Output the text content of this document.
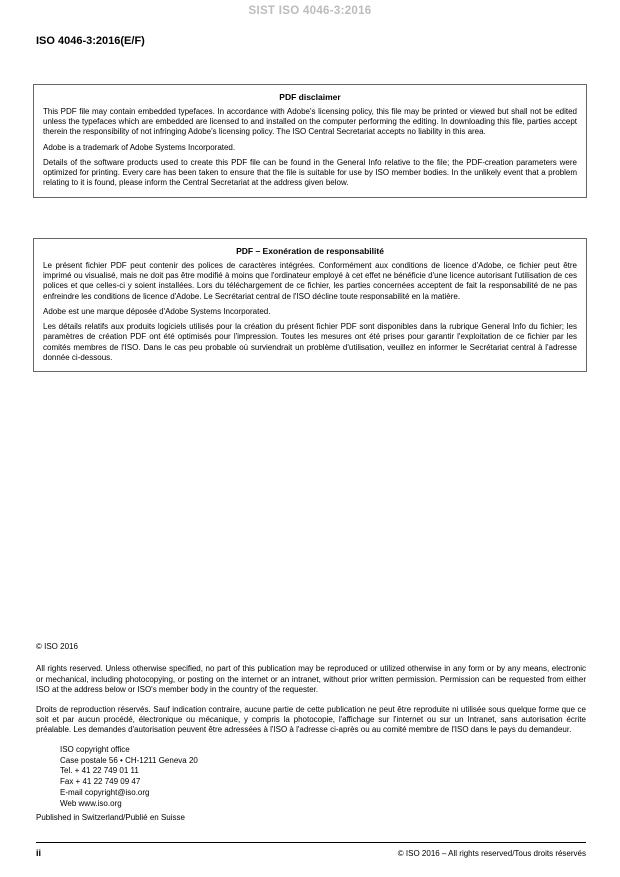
SIST ISO 4046-3:2016
ISO 4046-3:2016(E/F)
PDF disclaimer

This PDF file may contain embedded typefaces. In accordance with Adobe's licensing policy, this file may be printed or viewed but shall not be edited unless the typefaces which are embedded are licensed to and installed on the computer performing the editing. In downloading this file, parties accept therein the responsibility of not infringing Adobe's licensing policy. The ISO Central Secretariat accepts no liability in this area.

Adobe is a trademark of Adobe Systems Incorporated.

Details of the software products used to create this PDF file can be found in the General Info relative to the file; the PDF-creation parameters were optimized for printing. Every care has been taken to ensure that the file is suitable for use by ISO member bodies. In the unlikely event that a problem relating to it is found, please inform the Central Secretariat at the address given below.

PDF – Exonération de responsabilité

Le présent fichier PDF peut contenir des polices de caractères intégrées. Conformément aux conditions de licence d'Adobe, ce fichier peut être imprimé ou visualisé, mais ne doit pas être modifié à moins que l'ordinateur employé à cet effet ne bénéficie d'une licence autorisant l'utilisation de ces polices et que celles-ci y soient installées. Lors du téléchargement de ce fichier, les parties concernées acceptent de fait la responsabilité de ne pas enfreindre les conditions de licence d'Adobe. Le Secrétariat central de l'ISO décline toute responsabilité en la matière.

Adobe est une marque déposée d'Adobe Systems Incorporated.

Les détails relatifs aux produits logiciels utilisés pour la création du présent fichier PDF sont disponibles dans la rubrique General Info du fichier; les paramètres de création PDF ont été optimisés pour l'impression. Toutes les mesures ont été prises pour garantir l'exploitation de ce fichier par les comités membres de l'ISO. Dans le cas peu probable où surviendrait un problème d'utilisation, veuillez en informer le Secrétariat central à l'adresse donnée ci-dessous.

© ISO 2016

All rights reserved. Unless otherwise specified, no part of this publication may be reproduced or utilized otherwise in any form or by any means, electronic or mechanical, including photocopying, or posting on the internet or an intranet, without prior written permission. Permission can be requested from either ISO at the address below or ISO's member body in the country of the requester.

Droits de reproduction réservés. Sauf indication contraire, aucune partie de cette publication ne peut être reproduite ni utilisée sous quelque forme que ce soit et par aucun procédé, électronique ou mécanique, y compris la photocopie, l'affichage sur l'internet ou sur un Intranet, sans autorisation écrite préalable. Les demandes d'autorisation peuvent être adressées à l'ISO à l'adresse ci-après ou au comité membre de l'ISO dans le pays du demandeur.

ISO copyright office
Case postale 56 • CH-1211 Geneva 20
Tel. + 41 22 749 01 11
Fax + 41 22 749 09 47
E-mail copyright@iso.org
Web www.iso.org

Published in Switzerland/Publié en Suisse

ii	© ISO 2016 – All rights reserved/Tous droits réservés
